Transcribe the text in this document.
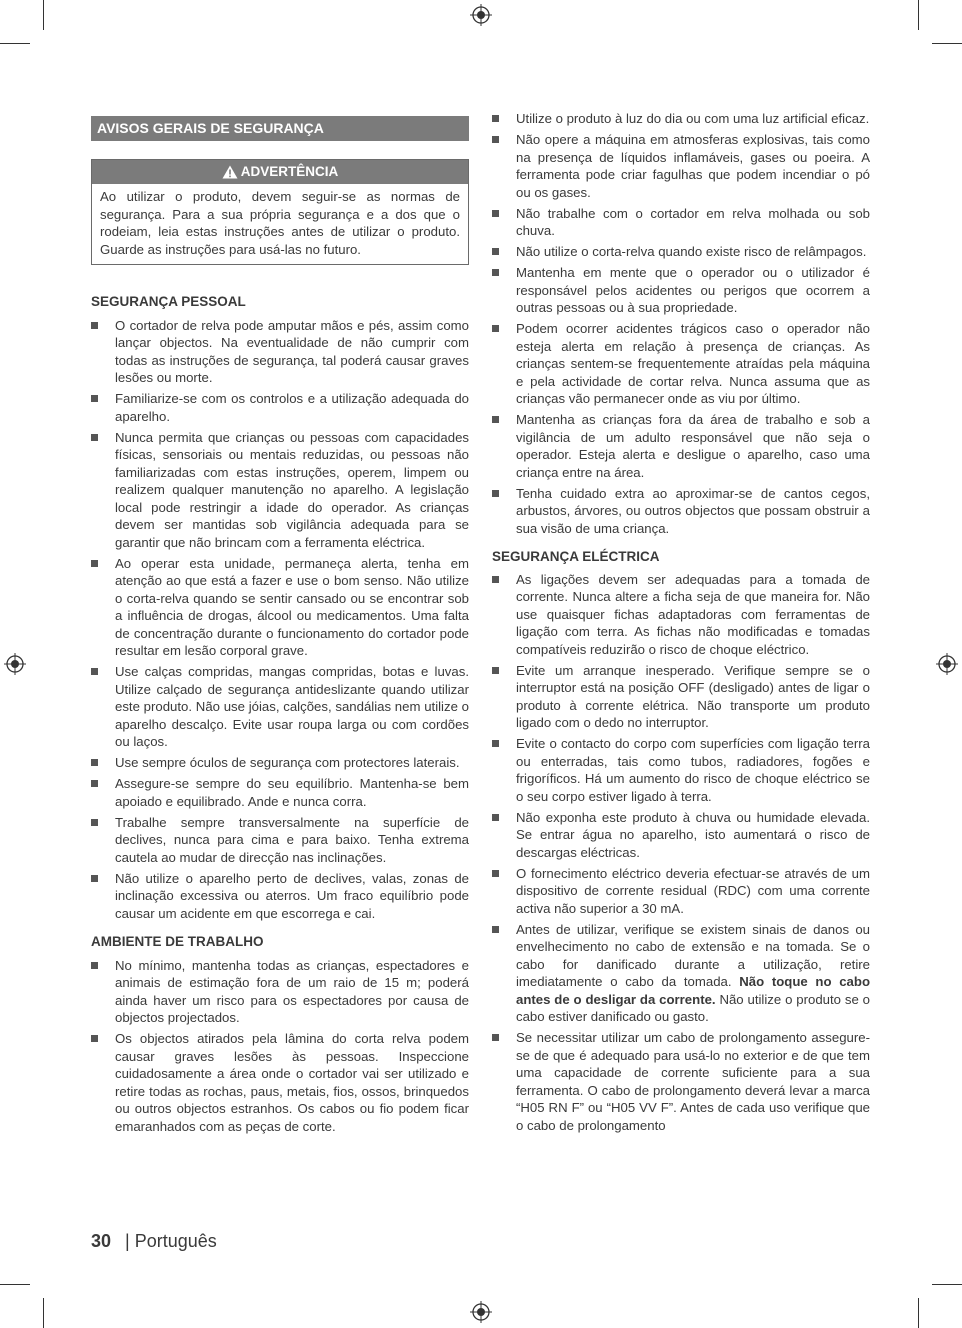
AVISOS GERAIS DE SEGURANÇA
ADVERTÊNCIA
Ao utilizar o produto, devem seguir-se as normas de segurança. Para a sua própria segurança e a dos que o rodeiam, leia estas instruções antes de utilizar o produto. Guarde as instruções para usá-las no futuro.
SEGURANÇA PESSOAL
O cortador de relva pode amputar mãos e pés, assim como lançar objectos. Na eventualidade de não cumprir com todas as instruções de segurança, tal poderá causar graves lesões ou morte.
Familiarize-se com os controlos e a utilização adequada do aparelho.
Nunca permita que crianças ou pessoas com capacidades físicas, sensoriais ou mentais reduzidas, ou pessoas não familiarizadas com estas instruções, operem, limpem ou realizem qualquer manutenção no aparelho. A legislação local pode restringir a idade do operador. As crianças devem ser mantidas sob vigilância adequada para se garantir que não brincam com a ferramenta eléctrica.
Ao operar esta unidade, permaneça alerta, tenha em atenção ao que está a fazer e use o bom senso. Não utilize o corta-relva quando se sentir cansado ou se encontrar sob a influência de drogas, álcool ou medicamentos. Uma falta de concentração durante o funcionamento do cortador pode resultar em lesão corporal grave.
Use calças compridas, mangas compridas, botas e luvas. Utilize calçado de segurança antideslizante quando utilizar este produto. Não use jóias, calções, sandálias nem utilize o aparelho descalço. Evite usar roupa larga ou com cordões ou laços.
Use sempre óculos de segurança com protectores laterais.
Assegure-se sempre do seu equilíbrio. Mantenha-se bem apoiado e equilibrado. Ande e nunca corra.
Trabalhe sempre transversalmente na superfície de declives, nunca para cima e para baixo. Tenha extrema cautela ao mudar de direcção nas inclinações.
Não utilize o aparelho perto de declives, valas, zonas de inclinação excessiva ou aterros. Um fraco equilíbrio pode causar um acidente em que escorrega e cai.
AMBIENTE DE TRABALHO
No mínimo, mantenha todas as crianças, espectadores e animais de estimação fora de um raio de 15 m; poderá ainda haver um risco para os espectadores por causa de objectos projectados.
Os objectos atirados pela lâmina do corta relva podem causar graves lesões às pessoas. Inspeccione cuidadosamente a área onde o cortador vai ser utilizado e retire todas as rochas, paus, metais, fios, ossos, brinquedos ou outros objectos estranhos. Os cabos ou fio podem ficar emaranhados com as peças de corte.
Utilize o produto à luz do dia ou com uma luz artificial eficaz.
Não opere a máquina em atmosferas explosivas, tais como na presença de líquidos inflamáveis, gases ou poeira. A ferramenta pode criar fagulhas que podem incendiar o pó ou os gases.
Não trabalhe com o cortador em relva molhada ou sob chuva.
Não utilize o corta-relva quando existe risco de relâmpagos.
Mantenha em mente que o operador ou o utilizador é responsável pelos acidentes ou perigos que ocorrem a outras pessoas ou à sua propriedade.
Podem ocorrer acidentes trágicos caso o operador não esteja alerta em relação à presença de crianças. As crianças sentem-se frequentemente atraídas pela máquina e pela actividade de cortar relva. Nunca assuma que as crianças vão permanecer onde as viu por último.
Mantenha as crianças fora da área de trabalho e sob a vigilância de um adulto responsável que não seja o operador. Esteja alerta e desligue o aparelho, caso uma criança entre na área.
Tenha cuidado extra ao aproximar-se de cantos cegos, arbustos, árvores, ou outros objectos que possam obstruir a sua visão de uma criança.
SEGURANÇA ELÉCTRICA
As ligações devem ser adequadas para a tomada de corrente. Nunca altere a ficha seja de que maneira for. Não use quaisquer fichas adaptadoras com ferramentas de ligação com terra. As fichas não modificadas e tomadas compatíveis reduzirão o risco de choque eléctrico.
Evite um arranque inesperado. Verifique sempre se o interruptor está na posição OFF (desligado) antes de ligar o produto à corrente elétrica. Não transporte um produto ligado com o dedo no interruptor.
Evite o contacto do corpo com superfícies com ligação terra ou enterradas, tais como tubos, radiadores, fogões e frigoríficos. Há um aumento do risco de choque eléctrico se o seu corpo estiver ligado à terra.
Não exponha este produto à chuva ou humidade elevada. Se entrar água no aparelho, isto aumentará o risco de descargas eléctricas.
O fornecimento eléctrico deveria efectuar-se através de um dispositivo de corrente residual (RDC) com uma corrente activa não superior a 30 mA.
Antes de utilizar, verifique se existem sinais de danos ou envelhecimento no cabo de extensão e na tomada. Se o cabo for danificado durante a utilização, retire imediatamente o cabo da tomada. Não toque no cabo antes de o desligar da corrente. Não utilize o produto se o cabo estiver danificado ou gasto.
Se necessitar utilizar um cabo de prolongamento assegure-se de que é adequado para usá-lo no exterior e de que tem uma capacidade de corrente suficiente para a sua ferramenta. O cabo de prolongamento deverá levar a marca “H05 RN F” ou “H05 VV F”. Antes de cada uso verifique que o cabo de prolongamento
30 | Português
